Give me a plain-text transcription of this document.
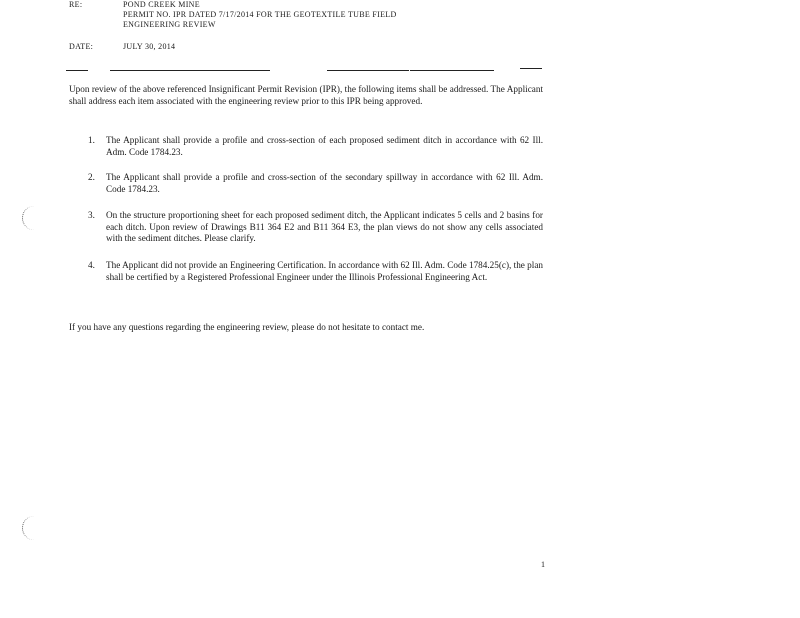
RE:	POND CREEK MINE
PERMIT NO. IPR DATED 7/17/2014 FOR THE GEOTEXTILE TUBE FIELD
ENGINEERING REVIEW
DATE:	JULY 30, 2014
Upon review of the above referenced Insignificant Permit Revision (IPR), the following items shall be addressed. The Applicant shall address each item associated with the engineering review prior to this IPR being approved.
1. The Applicant shall provide a profile and cross-section of each proposed sediment ditch in accordance with 62 Ill. Adm. Code 1784.23.
2. The Applicant shall provide a profile and cross-section of the secondary spillway in accordance with 62 Ill. Adm. Code 1784.23.
3. On the structure proportioning sheet for each proposed sediment ditch, the Applicant indicates 5 cells and 2 basins for each ditch. Upon review of Drawings B11 364 E2 and B11 364 E3, the plan views do not show any cells associated with the sediment ditches. Please clarify.
4. The Applicant did not provide an Engineering Certification. In accordance with 62 Ill. Adm. Code 1784.25(c), the plan shall be certified by a Registered Professional Engineer under the Illinois Professional Engineering Act.
If you have any questions regarding the engineering review, please do not hesitate to contact me.
1
